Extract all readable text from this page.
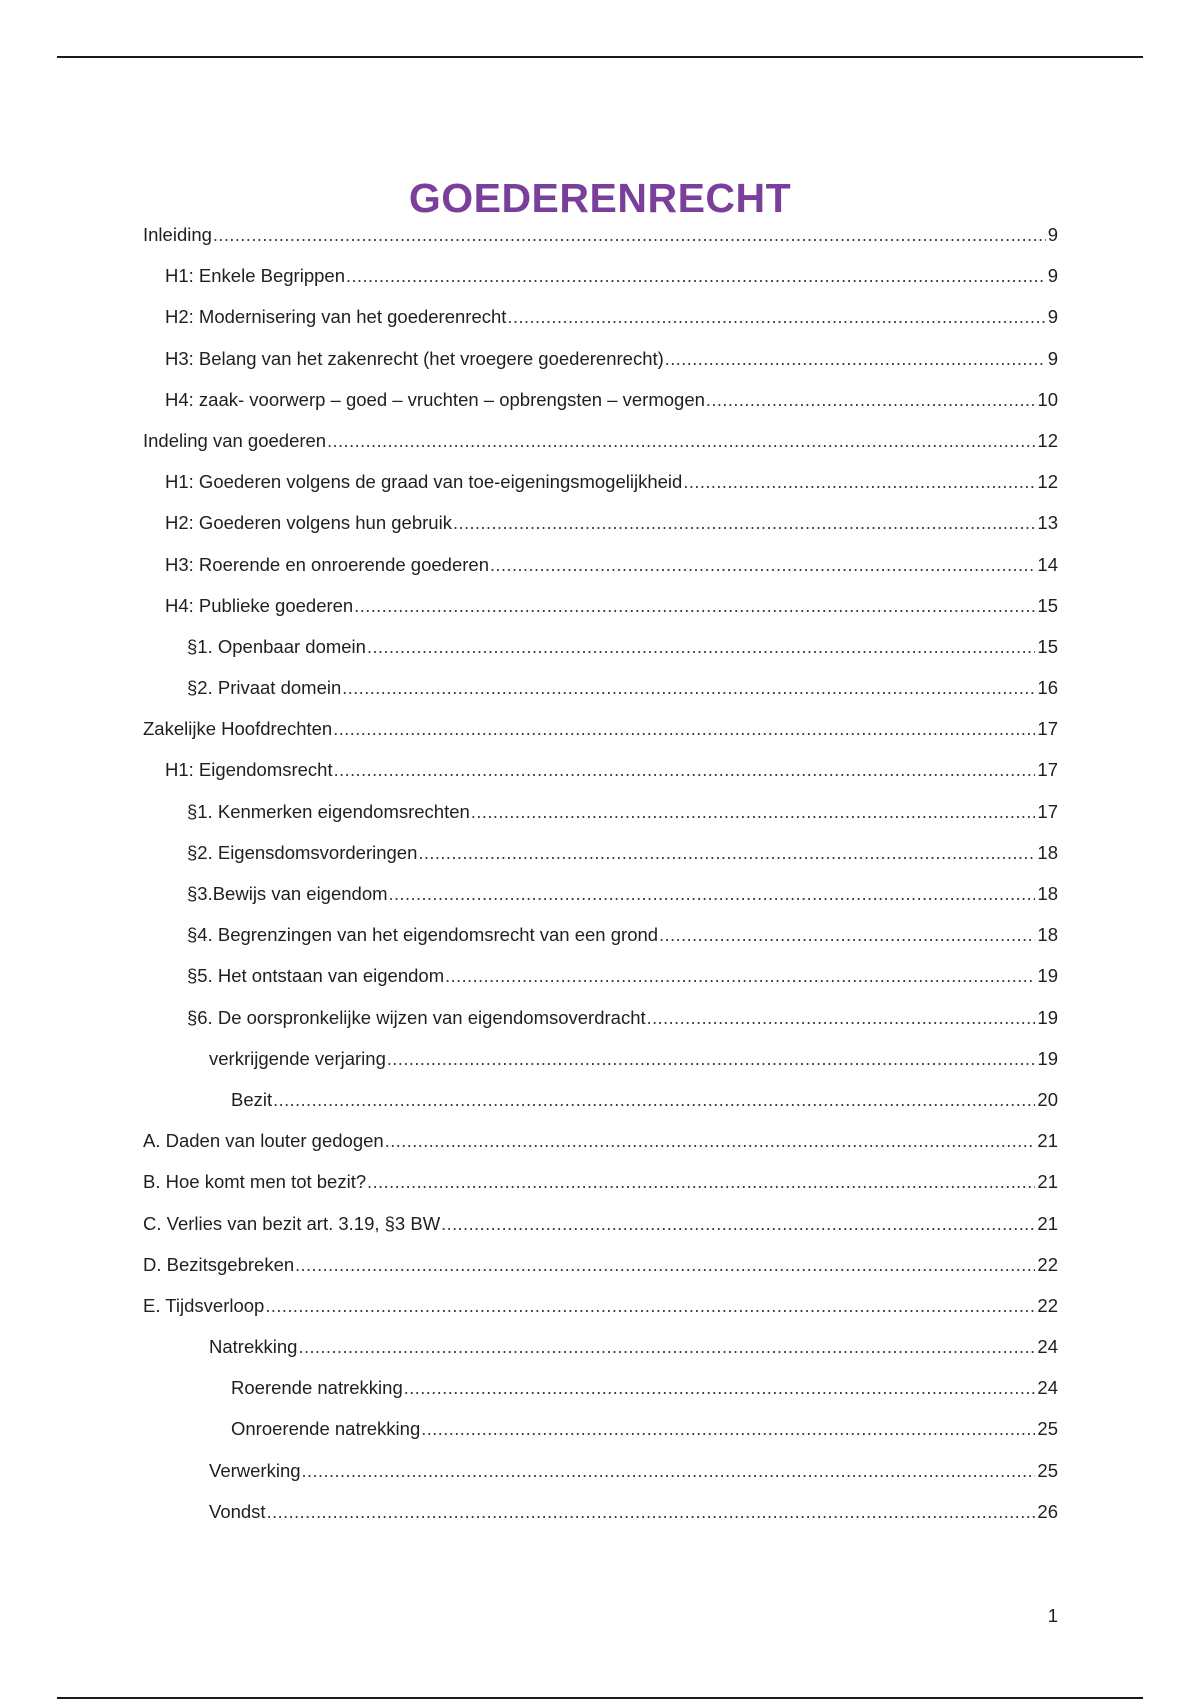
GOEDERENRECHT
Inleiding .....	9
H1: Enkele Begrippen .....	9
H2: Modernisering van het goederenrecht .....	9
H3: Belang van het zakenrecht (het vroegere goederenrecht) .....	9
H4: zaak- voorwerp – goed – vruchten – opbrengsten – vermogen .....	10
Indeling van goederen .....	12
H1: Goederen volgens de graad van toe-eigeningsmogelijkheid .....	12
H2: Goederen volgens hun gebruik .....	13
H3: Roerende en onroerende goederen .....	14
H4: Publieke goederen .....	15
§1. Openbaar domein .....	15
§2. Privaat domein .....	16
Zakelijke Hoofdrechten .....	17
H1: Eigendomsrecht .....	17
§1. Kenmerken eigendomsrechten .....	17
§2. Eigensdomsvorderingen .....	18
§3.Bewijs van eigendom .....	18
§4. Begrenzingen van het eigendomsrecht van een grond .....	18
§5. Het ontstaan van eigendom .....	19
§6. De oorspronkelijke wijzen van eigendomsoverdracht .....	19
verkrijgende verjaring .....	19
Bezit .....	20
A. Daden van louter gedogen .....	21
B. Hoe komt men tot bezit? .....	21
C. Verlies van bezit art. 3.19, §3 BW .....	21
D. Bezitsgebreken .....	22
E. Tijdsverloop .....	22
Natrekking .....	24
Roerende natrekking .....	24
Onroerende natrekking .....	25
Verwerking .....	25
Vondst .....	26
1
